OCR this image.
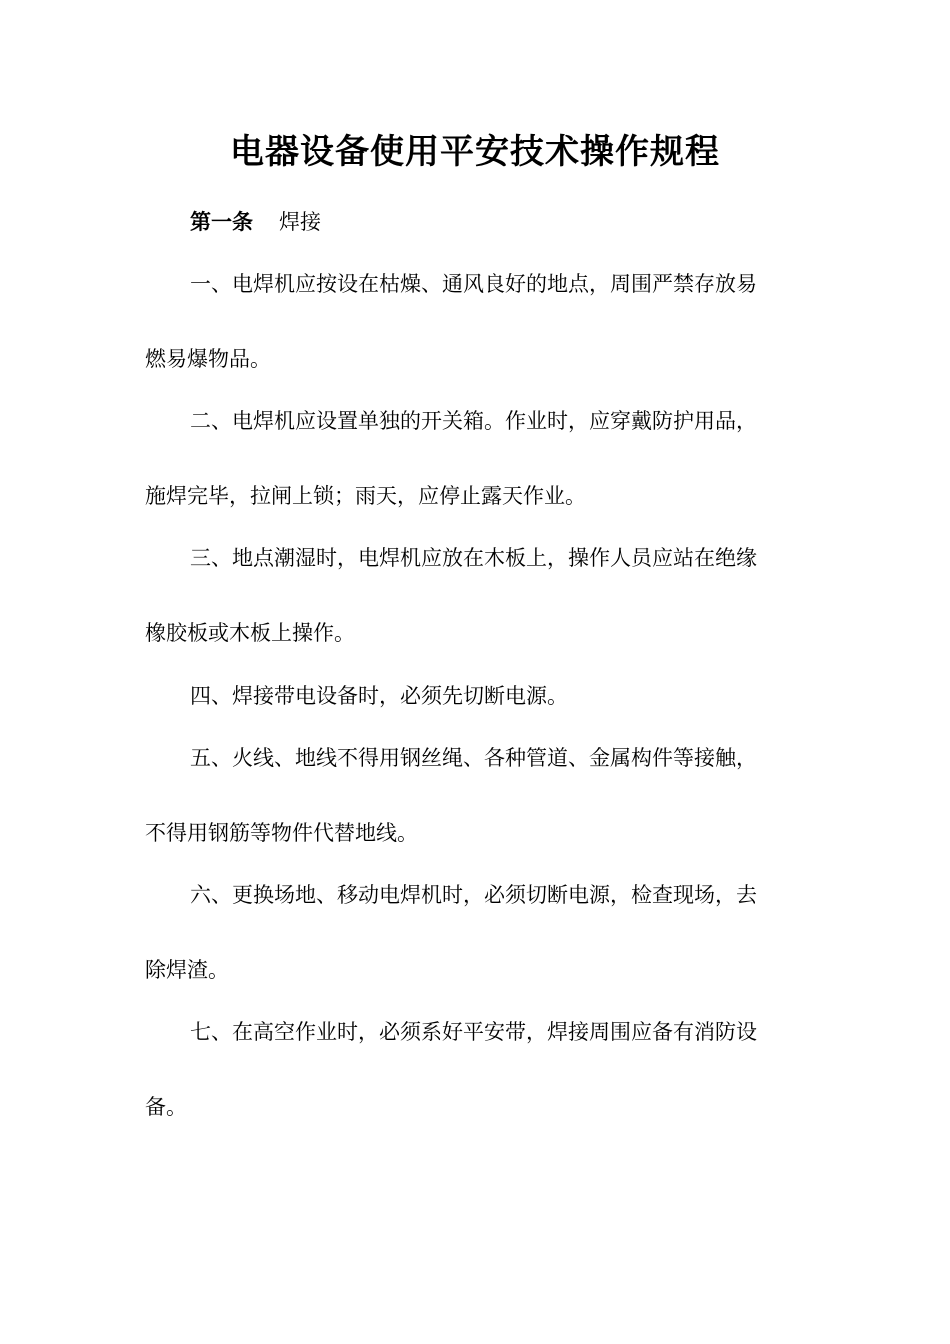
电器设备使用平安技术操作规程
第一条 焊接
一、电焊机应按设在枯燥、通风良好的地点，周围严禁存放易
燃易爆物品。
二、电焊机应设置单独的开关箱。作业时，应穿戴防护用品，
施焊完毕，拉闸上锁；雨天，应停止露天作业。
三、地点潮湿时，电焊机应放在木板上，操作人员应站在绝缘
橡胶板或木板上操作。
四、焊接带电设备时，必须先切断电源。
五、火线、地线不得用钢丝绳、各种管道、金属构件等接触，
不得用钢筋等物件代替地线。
六、更换场地、移动电焊机时，必须切断电源，检查现场，去
除焊渣。
七、在高空作业时，必须系好平安带，焊接周围应备有消防设
备。
